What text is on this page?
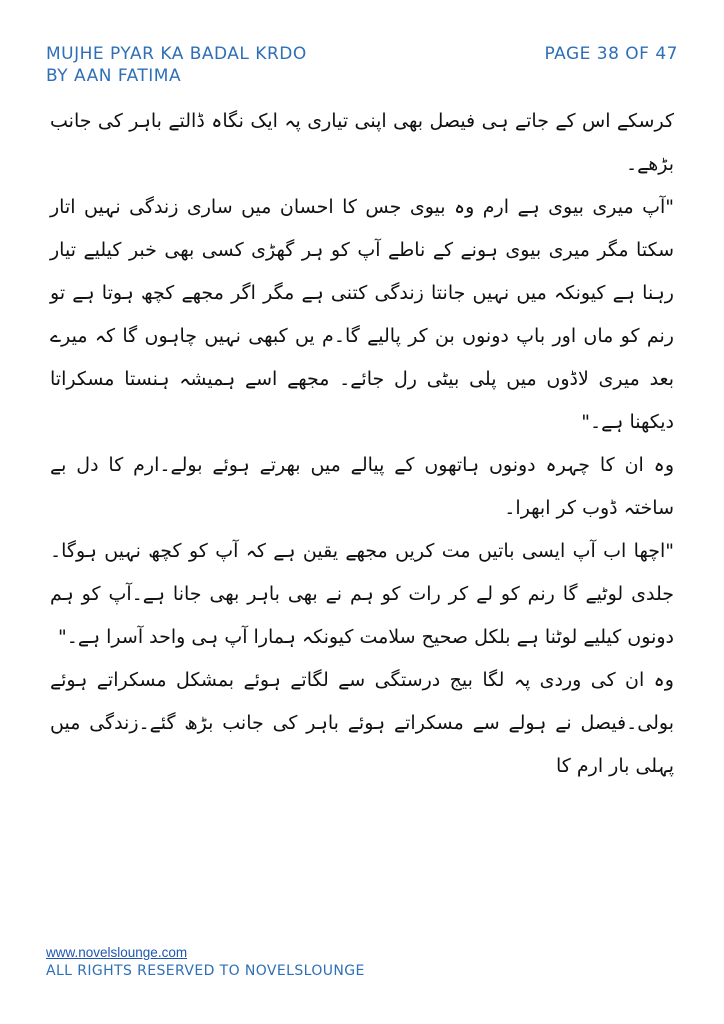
MUJHE PYAR KA BADAL KRDO
BY AAN FATIMA
PAGE 38 OF 47

کرسکے اس کے جاتے ہی فیصل بھی اپنی تیاری پہ ایک نگاہ ڈالتے باہر کی جانب بڑھے۔

"آپ میری بیوی ہے ارم وہ بیوی جس کا احسان میں ساری زندگی نہیں اتار سکتا مگر میری بیوی ہونے کے ناطے آپ کو ہر گھڑی کسی بھی خبر کیلیے تیار رہنا ہے کیونکہ میں نہیں جانتا زندگی کتنی ہے مگر اگر مجھے کچھ ہوتا ہے تو رنم کو ماں اور باپ دونوں بن کر پالیے گا۔م یں کبھی نہیں چاہوں گا کہ میرے بعد میری لاڈوں میں پلی بیٹی رل جائے۔ مجھے اسے ہمیشہ ہنستا مسکراتا دیکھنا ہے۔"

وہ ان کا چہرہ دونوں ہاتھوں کے پیالے میں بھرتے ہوئے بولے۔ارم کا دل بے ساختہ ڈوب کر ابھرا۔

"اچھا اب آپ ایسی باتیں مت کریں مجھے یقین ہے کہ آپ کو کچھ نہیں ہوگا۔جلدی لوٹیے گا رنم کو لے کر رات کو ہم نے بھی باہر بھی جانا ہے۔آپ کو ہم دونوں کیلیے لوٹنا ہے بلکل صحیح سلامت کیونکہ ہمارا آپ ہی واحد آسرا ہے۔"

وہ ان کی وردی پہ لگا بیج درستگی سے لگاتے ہوئے بمشکل مسکراتے ہوئے بولی۔فیصل نے ہولے سے مسکراتے ہوئے باہر کی جانب بڑھ گئے۔زندگی میں پہلی بار ارم کا

www.novelslounge.com
ALL RIGHTS RESERVED TO NOVELSLOUNGE
